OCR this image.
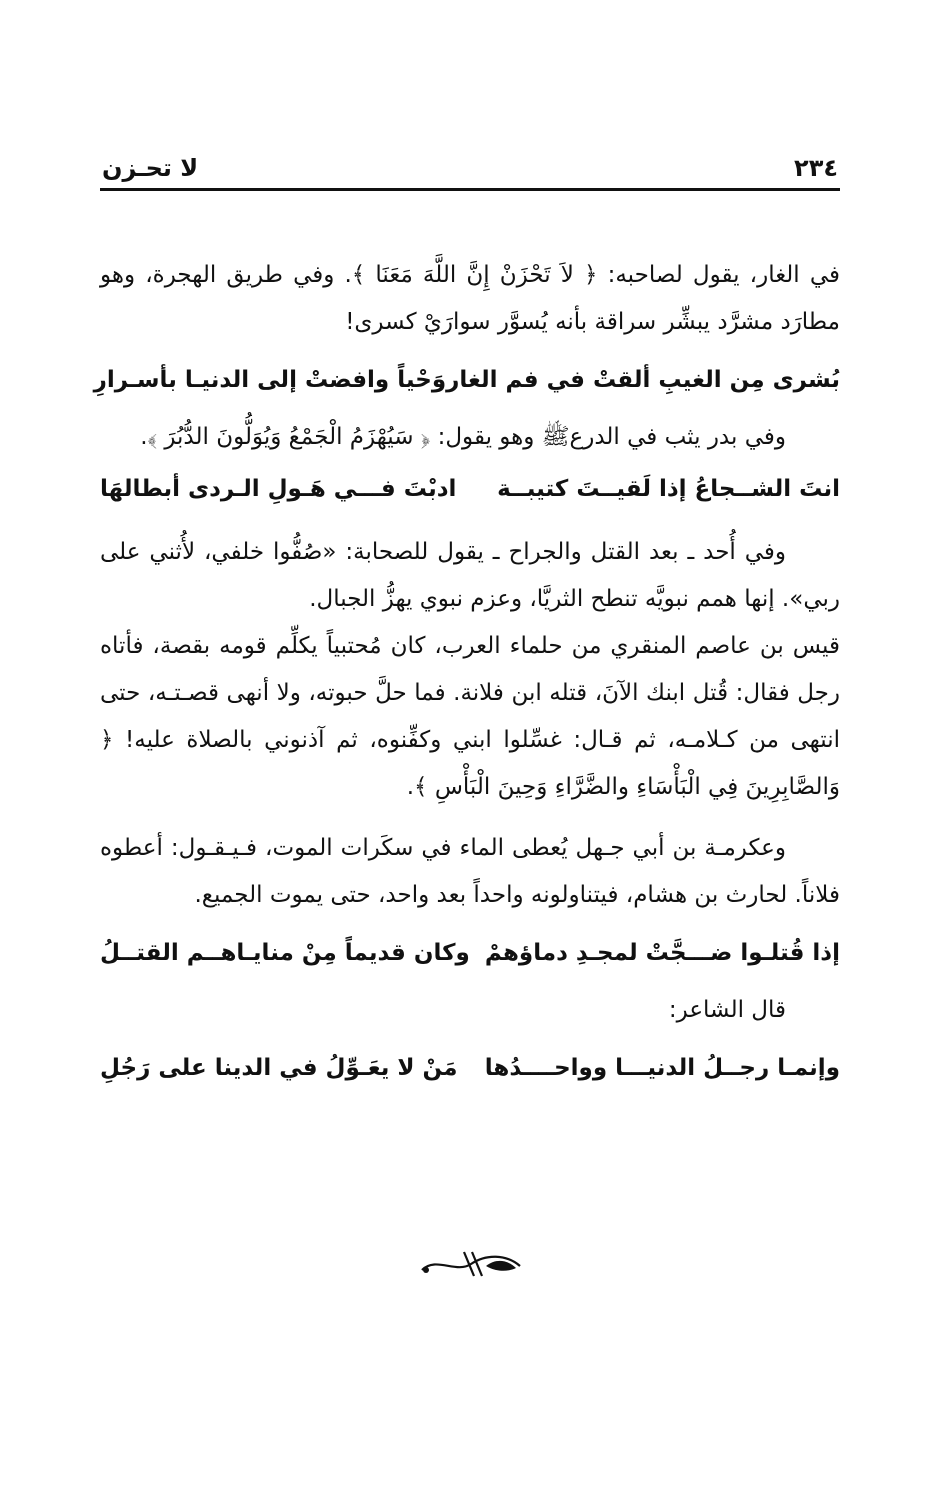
٢٣٤
لا تحـزن

في الغار، يقول لصاحبه: ﴿ لاَ تَحْزَنْ إِنَّ اللَّهَ مَعَنَا ﴾. وفي طريق الهجرة، وهو مطارَد مشرَّد يبشِّر سراقة بأنه يُسوَّر سوارَيْ كسرى!

بُشرى مِن الغيبِ ألقتْ في فم الغار
وَحْياً وافضتْ إلى الدنيـا بأسـرارِ

وفي بدر يثب في الدرعﷺ وهو يقول: ﴿ سَيُهْزَمُ الْجَمْعُ وَيُوَلُّونَ الدُّبُرَ ﴾.

انتَ الشــجاعُ إذا لَقيــتَ كتيبــة
ادبْتَ فـــي هَـولِ الـردى أبطالهَا

وفي أُحد ـ بعد القتل والجراح ـ يقول للصحابة: «صُفُّوا خلفي، لأُثني على ربي». إنها همم نبويَّه تنطح الثريَّا، وعزم نبوي يهزُّ الجبال.

قيس بن عاصم المنقري من حلماء العرب، كان مُحتبياً يكلِّم قومه بقصة، فأتاه رجل فقال: قُتل ابنك الآنَ، قتله ابن فلانة. فما حلَّ حبوته، ولا أنهى قصـتـه، حتى انتهى من كـلامـه، ثم قـال: غسِّلوا ابني وكفِّنوه، ثم آذنوني بالصلاة عليه! ﴿ وَالصَّابِرِينَ فِي الْبَأْسَاءِ والضَّرَّاءِ وَحِينَ الْبَأْسِ ﴾.

وعكرمـة بن أبي جـهل يُعطى الماء في سكَرات الموت، فـيـقـول: أعطوه فلاناً. لحارث بن هشام، فيتناولونه واحداً بعد واحد، حتى يموت الجميع.

إذا قُتلـوا ضـــجَّتْ لمجـدِ دماؤهمْ
وكان قديماً مِنْ منايـاهــم القتــلُ

قال الشاعر:

وإنمـا رجــلُ الدنيـــا وواحــــدُها
مَنْ لا يعَـوِّلُ في الدينا على رَجُلِ
